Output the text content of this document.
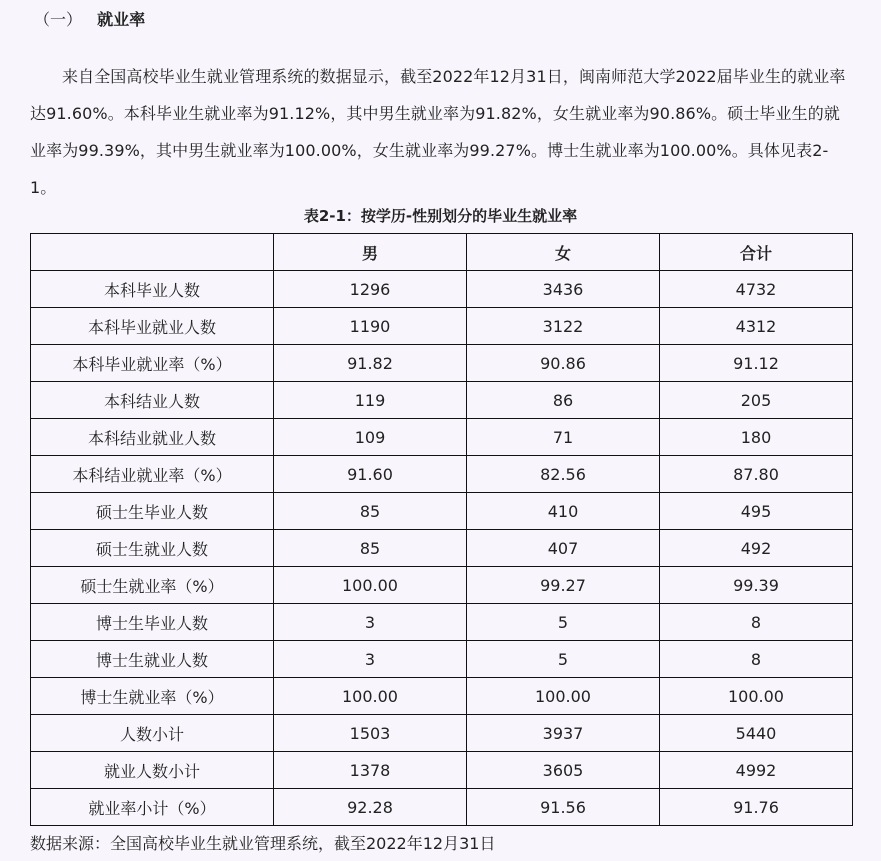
（一） 就业率

来自全国高校毕业生就业管理系统的数据显示，截至2022年12月31日，闽南师范大学2022届毕业生的就业率达91.60%。本科毕业生就业率为91.12%，其中男生就业率为91.82%，女生就业率为90.86%。硕士毕业生的就业率为99.39%，其中男生就业率为100.00%，女生就业率为99.27%。博士生就业率为100.00%。具体见表2-1。

表2-1：按学历-性别划分的毕业生就业率
	男	女	合计
本科毕业人数	1296	3436	4732
本科毕业就业人数	1190	3122	4312
本科毕业就业率（%）	91.82	90.86	91.12
本科结业人数	119	86	205
本科结业就业人数	109	71	180
本科结业就业率（%）	91.60	82.56	87.80
硕士生毕业人数	85	410	495
硕士生就业人数	85	407	492
硕士生就业率（%）	100.00	99.27	99.39
博士生毕业人数	3	5	8
博士生就业人数	3	5	8
博士生就业率（%）	100.00	100.00	100.00
人数小计	1503	3937	5440
就业人数小计	1378	3605	4992
就业率小计（%）	92.28	91.56	91.76
数据来源：全国高校毕业生就业管理系统，截至2022年12月31日
